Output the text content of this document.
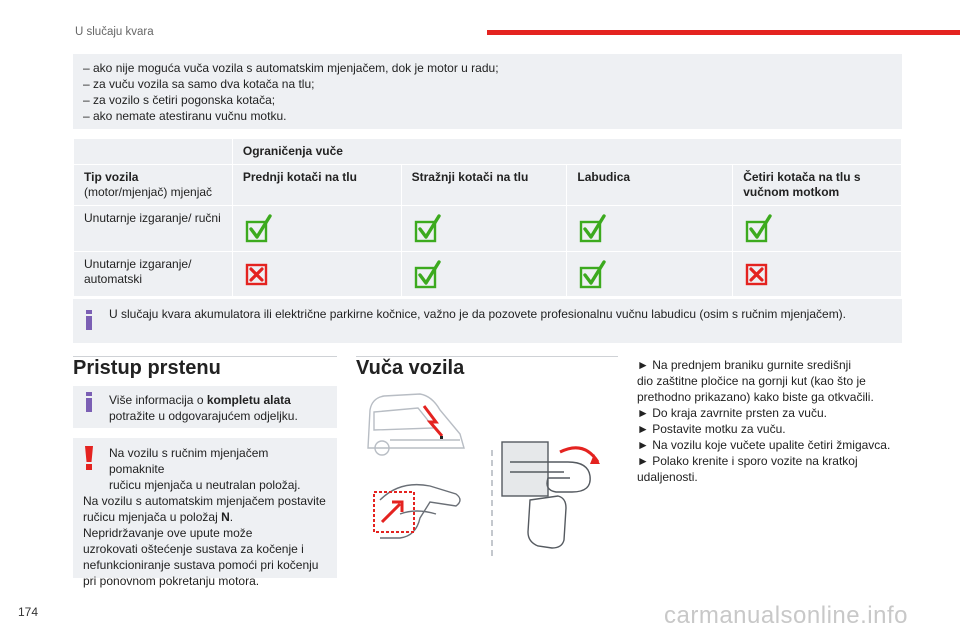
U slučaju kvara
– ako nije moguća vuča vozila s automatskim mjenjačem, dok je motor u radu;
– za vuču vozila sa samo dva kotača na tlu;
– za vozilo s četiri pogonska kotača;
– ako nemate atestiranu vučnu motku.
	Ograničenja vuče			

Tip vozila
(motor/mjenjač) mjenjač	Prednji kotači na tlu	Stražnji kotači na tlu	Labudica	Četiri kotača na tlu s vučnom motkom
Unutarnje izgaranje/ ručni	

Unutarnje izgaranje/ automatski	

U slučaju kvara akumulatora ili električne parkirne kočnice, važno je da pozovete profesionalnu vučnu labudicu (osim s ručnim mjenjačem).
Pristup prstenu
Više informacija o kompletu alata potražite u odgovarajućem odjeljku.
Na vozilu s ručnim mjenjačem pomaknite
ručicu mjenjača u neutralan položaj.
Na vozilu s automatskim mjenjačem postavite
ručicu mjenjača u položaj N.
Nepridržavanje ove upute može
uzrokovati oštećenje sustava za kočenje i
nefunkcioniranje sustava pomoći pri kočenju
pri ponovnom pokretanju motora.
Vuča vozila	► Na prednjem braniku gurnite središnji
dio zaštitne pločice na gornji kut (kao što je
prethodno prikazano) kako biste ga otkvačili.
► Do kraja zavrnite prsten za vuču.
► Postavite motku za vuču.
► Na vozilu koje vučete upalite četiri žmigavca.
► Polako krenite i sporo vozite na kratkoj
udaljenosti.
174	carmanualsonline.info
